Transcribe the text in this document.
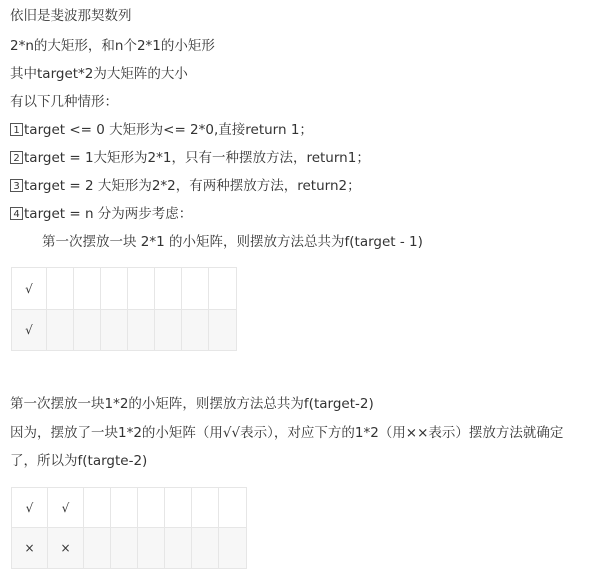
依旧是斐波那契数列
2*n的大矩形，和n个2*1的小矩形
其中target*2为大矩阵的大小
有以下几种情形：
1 target <= 0 大矩形为<= 2*0,直接return 1；
2 target = 1大矩形为2*1，只有一种摆放方法，return1；
3 target = 2 大矩形为2*2，有两种摆放方法，return2；
4 target = n 分为两步考虑：
第一次摆放一块 2*1 的小矩阵，则摆放方法总共为f(target - 1)
√							
√							
第一次摆放一块1*2的小矩阵，则摆放方法总共为f(target-2)
因为，摆放了一块1*2的小矩阵（用√√表示），对应下方的1*2（用××表示）摆放方法就确定
了，所以为f(targte-2)
√	√						
×	×						
